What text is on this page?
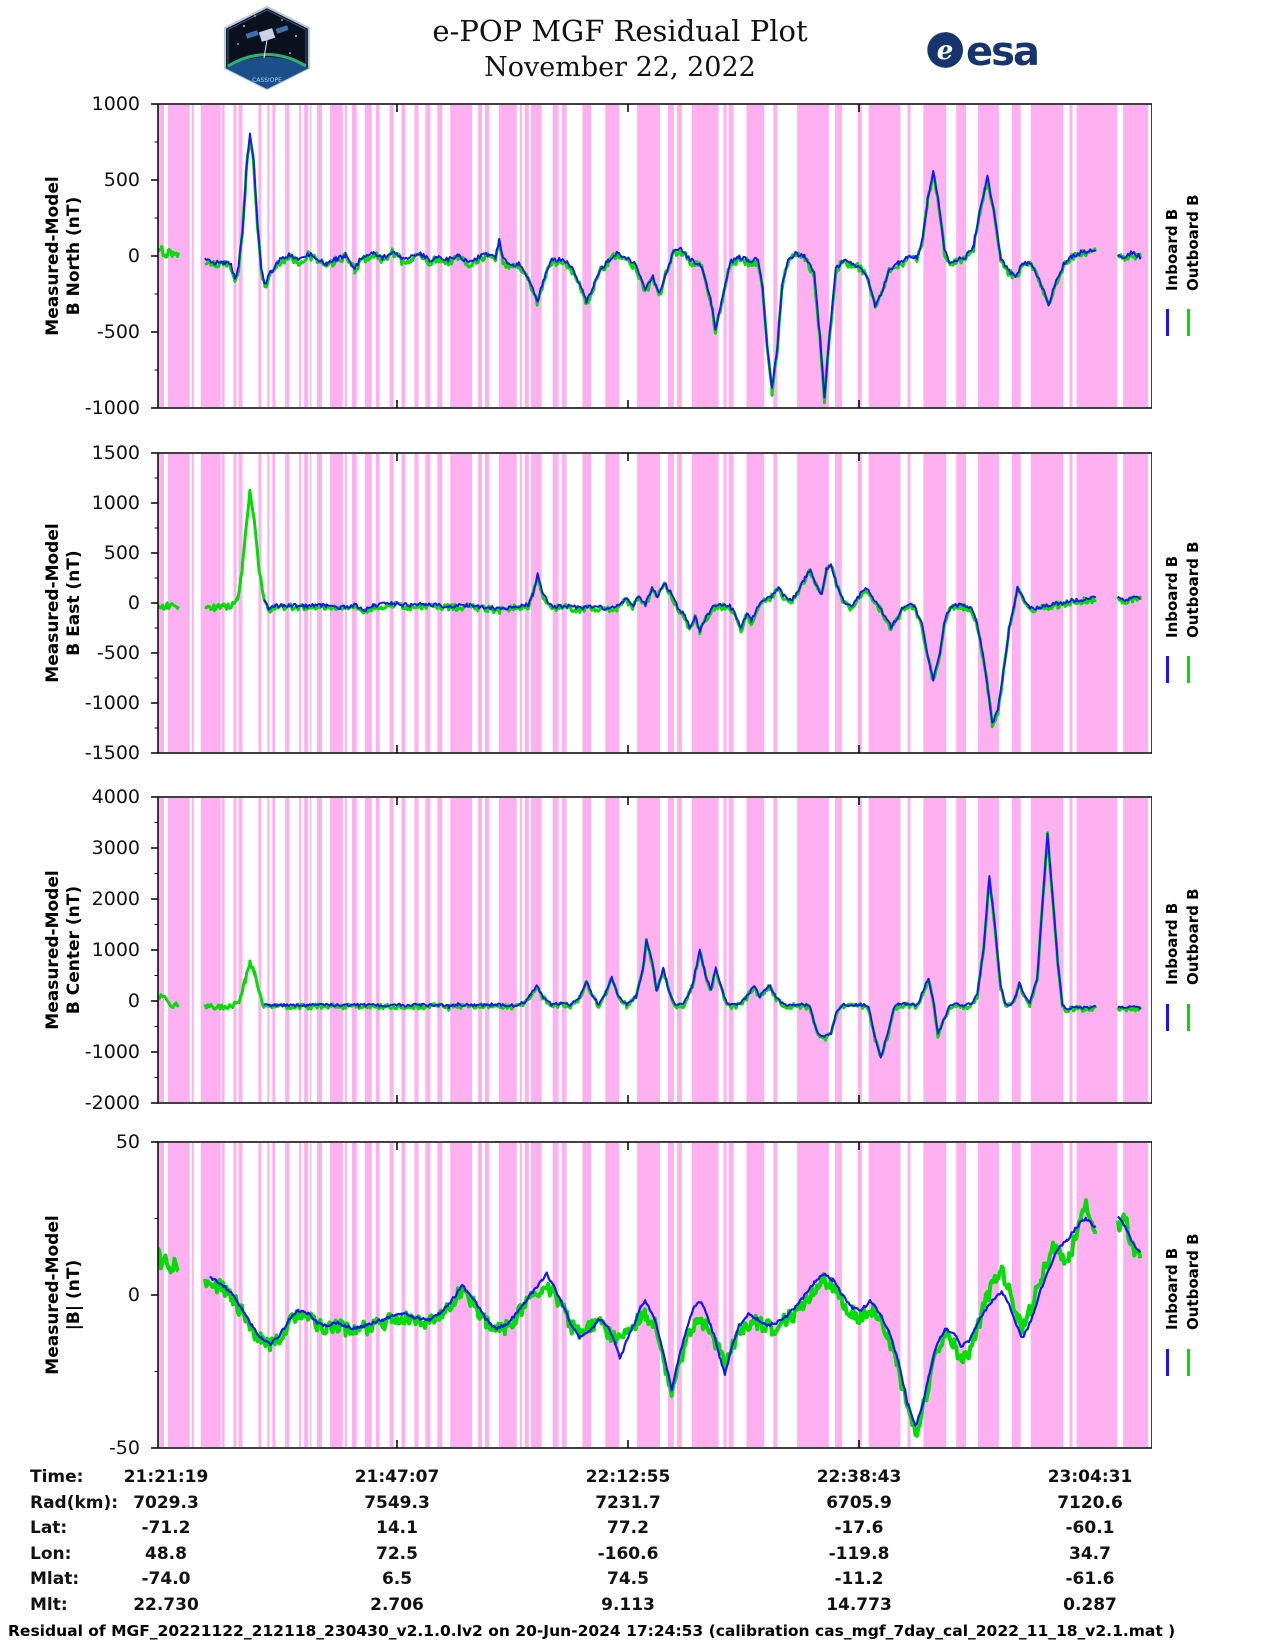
e-POP MGF Residual Plot
November 22, 2022
CASSIOPE
e esa
1000
500
0
-500
-1000
Measured-Model B North (nT)	Inboard B Outboard B
1500
1000
500
0
-500
-1000
-1500
Measured-Model B East (nT)	Inboard B Outboard B
4000
3000
2000
1000
0
-1000
-2000
Measured-Model B Center (nT)	Inboard B Outboard B
50
0
-50
Measured-Model |B| (nT)	Inboard B Outboard B
Time:	21:21:19	21:47:07	22:12:55	22:38:43	23:04:31
Rad(km): 7029.3	7549.3	7231.7	6705.9	7120.6
Lat:	-71.2	14.1	77.2	-17.6	-60.1
Lon:	48.8	72.5	-160.6	-119.8	34.7
Mlat:	-74.0	6.5	74.5	-11.2	-61.6
Mlt:	22.730	2.706	9.113	14.773	0.287
Residual of MGF_20221122_212118_230430_v2.1.0.lv2 on 20-Jun-2024 17:24:53 (calibration cas_mgf_7day_cal_2022_11_18_v2.1.mat )
